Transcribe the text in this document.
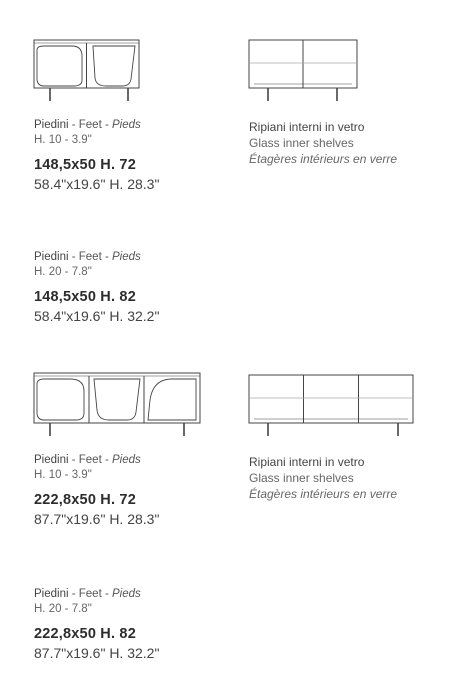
Piedini - Feet - Pieds
H. 10 - 3.9"
148,5x50 H. 72
58.4"x19.6" H. 28.3"
Ripiani interni in vetro
Glass inner shelves
Étagères intérieurs en verre
Piedini - Feet - Pieds
H. 20 - 7.8"
148,5x50 H. 82
58.4"x19.6" H. 32.2"
Piedini - Feet - Pieds
H. 10 - 3.9"
222,8x50 H. 72
87.7"x19.6" H. 28.3"
Ripiani interni in vetro
Glass inner shelves
Étagères intérieurs en verre
Piedini - Feet - Pieds
H. 20 - 7.8"
222,8x50 H. 82
87.7"x19.6" H. 32.2"
